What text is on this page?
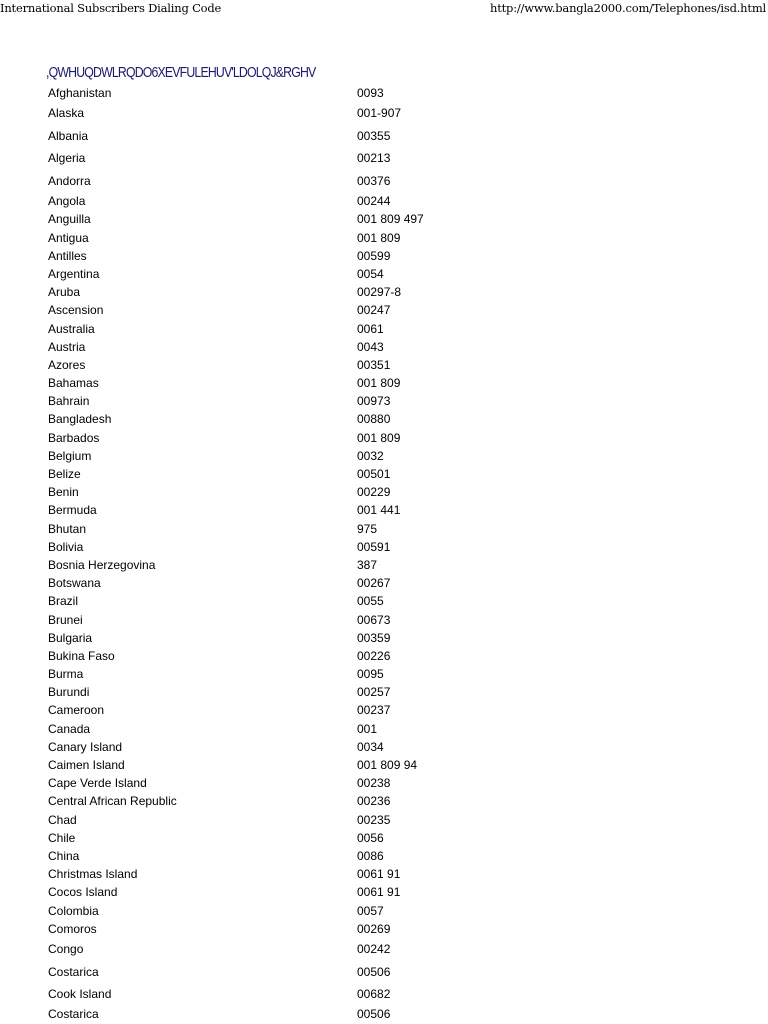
International Subscribers Dialing Code	http://www.bangla2000.com/Telephones/isd.html
,QWHUQDWLRQDO6XEVFULEHUV'LDOLQJ&RGHV
Afghanistan	0093
Alaska	001-907
Albania	00355
Algeria	00213
Andorra	00376
Angola	00244
Anguilla	001 809 497
Antigua	001 809
Antilles	00599
Argentina	0054
Aruba	00297-8
Ascension	00247
Australia	0061
Austria	0043
Azores	00351
Bahamas	001 809
Bahrain	00973
Bangladesh	00880
Barbados	001 809
Belgium	0032
Belize	00501
Benin	00229
Bermuda	001 441
Bhutan	975
Bolivia	00591
Bosnia Herzegovina	387
Botswana	00267
Brazil	0055
Brunei	00673
Bulgaria	00359
Bukina Faso	00226
Burma	0095
Burundi	00257
Cameroon	00237
Canada	001
Canary Island	0034
Caimen Island	001 809 94
Cape Verde Island	00238
Central African Republic	00236
Chad	00235
Chile	0056
China	0086
Christmas Island	0061 91
Cocos Island	0061 91
Colombia	0057
Comoros	00269
Congo	00242
Costarica	00506
Cook Island	00682
Costarica	00506
